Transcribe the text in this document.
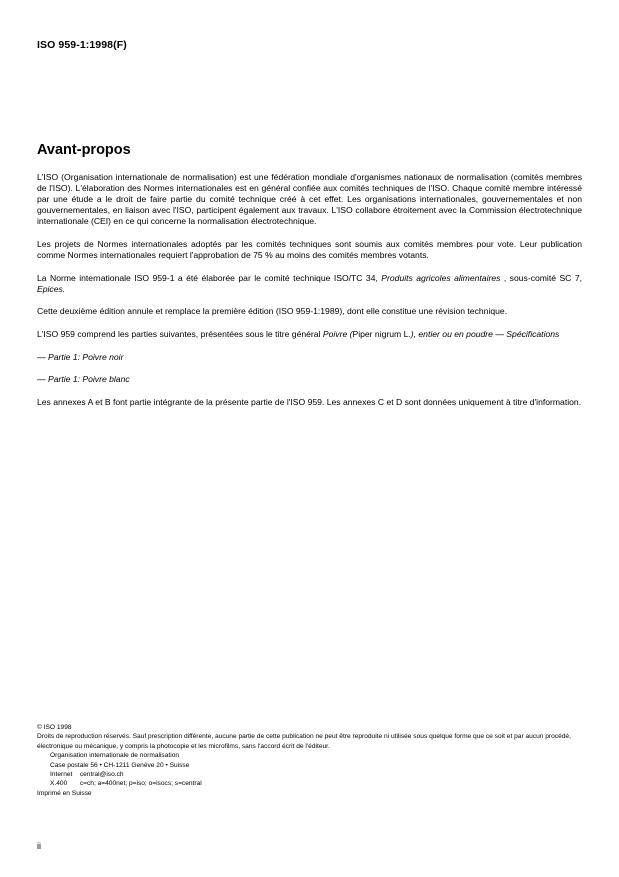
ISO 959-1:1998(F)
Avant-propos

L'ISO (Organisation internationale de normalisation) est une fédération mondiale d'organismes nationaux de normalisation (comités membres de l'ISO). L'élaboration des Normes internationales est en général confiée aux comités techniques de l'ISO. Chaque comité membre intéressé par une étude a le droit de faire partie du comité technique créé à cet effet. Les organisations internationales, gouvernementales et non gouvernementales, en liaison avec l'ISO, participent également aux travaux. L'ISO collabore étroitement avec la Commission électrotechnique internationale (CEI) en ce qui concerne la normalisation électrotechnique.

Les projets de Normes internationales adoptés par les comités techniques sont soumis aux comités membres pour vote. Leur publication comme Normes internationales requiert l'approbation de 75 % au moins des comités membres votants.

La Norme internationale ISO 959-1 a été élaborée par le comité technique ISO/TC 34, Produits agricoles alimentaires , sous-comité SC 7, Epices.

Cette deuxième édition annule et remplace la première édition (ISO 959-1:1989), dont elle constitue une révision technique.

L'ISO 959 comprend les parties suivantes, présentées sous le titre général Poivre (Piper nigrum L.), entier ou en poudre — Spécifications

— Partie 1: Poivre noir

— Partie 1: Poivre blanc

Les annexes A et B font partie intégrante de la présente partie de l'ISO 959. Les annexes C et D sont données uniquement à titre d'information.

© ISO 1998
Droits de reproduction réservés. Sauf prescription différente, aucune partie de cette publication ne peut être reproduite ni utilisée sous quelque forme que ce soit et par aucun procédé, électronique ou mécanique, y compris la photocopie et les microfilms, sans l'accord écrit de l'éditeur.
Organisation internationale de normalisation
Case postale 56 • CH-1211 Genève 20 • Suisse
Internet central@iso.ch
X.400 c=ch; a=400net; p=iso; o=isocs; s=central
Imprimé en Suisse
ii
